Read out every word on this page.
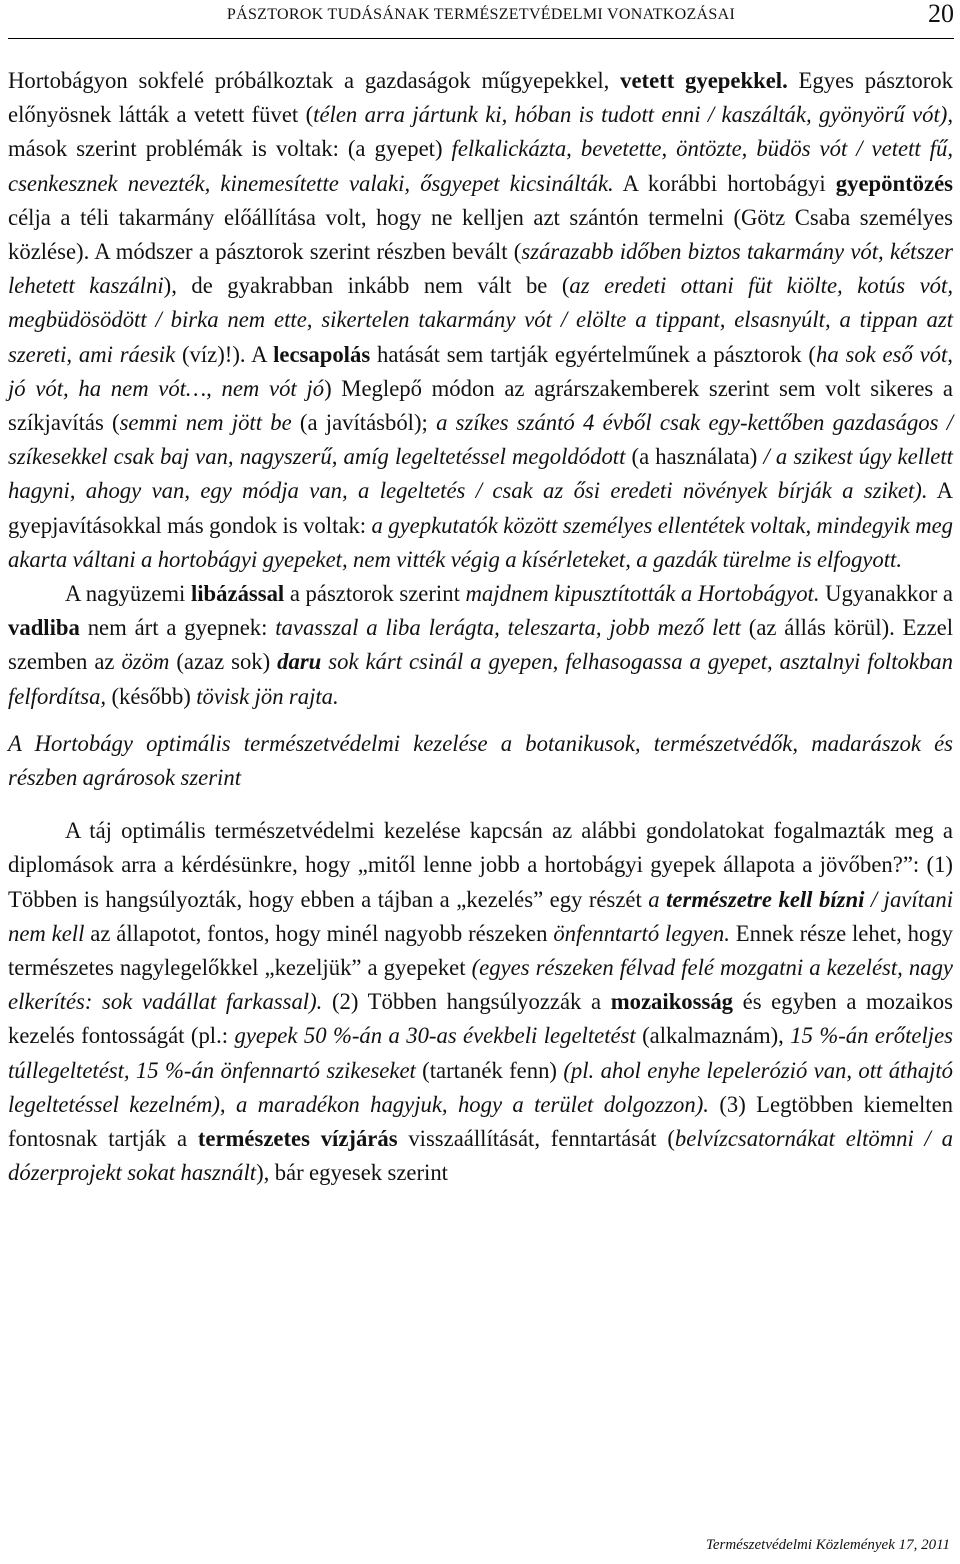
PÁSZTOROK TUDÁSÁNAK TERMÉSZETVÉDELMI VONATKOZÁSAI	20

Hortobágyon sokfelé próbálkoztak a gazdaságok műgyepekkel, vetett gyepekkel. Egyes pásztorok előnyösnek látták a vetett füvet (télen arra jártunk ki, hóban is tudott enni / kaszálták, gyönyörű vót), mások szerint problémák is voltak: (a gyepet) felkalickázta, bevetette, öntözte, büdös vót / vetett fű, csenkesznek nevezték, kinemesítette valaki, ősgyepet kicsinálták. A korábbi hortobágyi gyepöntözés célja a téli takarmány előállítása volt, hogy ne kelljen azt szántón termelni (Götz Csaba személyes közlése). A módszer a pásztorok szerint részben bevált (szárazabb időben biztos takarmány vót, kétszer lehetett kaszálni), de gyakrabban inkább nem vált be (az eredeti ottani füt kiölte, kotús vót, megbüdösödött / birka nem ette, sikertelen takarmány vót / elölte a tippant, elsasnyúlt, a tippan azt szereti, ami ráesik (víz)!). A lecsapolás hatását sem tartják egyértelműnek a pásztorok (ha sok eső vót, jó vót, ha nem vót…, nem vót jó) Meglepő módon az agrárszakemberek szerint sem volt sikeres a szíkjavítás (semmi nem jött be (a javításból); a szíkes szántó 4 évből csak egy-kettőben gazdaságos / szíkesekkel csak baj van, nagyszerű, amíg legeltetéssel megoldódott (a használata) / a szikest úgy kellett hagyni, ahogy van, egy módja van, a legeltetés / csak az ősi eredeti növények bírják a sziket). A gyepjavításokkal más gondok is voltak: a gyepkutatók között személyes ellentétek voltak, mindegyik meg akarta váltani a hortobágyi gyepeket, nem vitték végig a kísérleteket, a gazdák türelme is elfogyott.

A nagyüzemi libázással a pásztorok szerint majdnem kipusztították a Hortobágyot. Ugyanakkor a vadliba nem árt a gyepnek: tavasszal a liba lerágta, teleszarta, jobb mező lett (az állás körül). Ezzel szemben az özöm (azaz sok) daru sok kárt csinál a gyepen, felhasogassa a gyepet, asztalnyi foltokban felfordítsa, (később) tövisk jön rajta.

A Hortobágy optimális természetvédelmi kezelése a botanikusok, természetvédők, madarászok és részben agrárosok szerint

A táj optimális természetvédelmi kezelése kapcsán az alábbi gondolatokat fogalmazták meg a diplomások arra a kérdésünkre, hogy „mitől lenne jobb a hortobágyi gyepek állapota a jövőben?”: (1) Többen is hangsúlyozták, hogy ebben a tájban a „kezelés” egy részét a természetre kell bízni / javítani nem kell az állapotot, fontos, hogy minél nagyobb részeken önfenntartó legyen. Ennek része lehet, hogy természetes nagylegelőkkel „kezeljük” a gyepeket (egyes részeken félvad felé mozgatni a kezelést, nagy elkerítés: sok vadállat farkassal). (2) Többen hangsúlyozzák a mozaikosság és egyben a mozaikos kezelés fontosságát (pl.: gyepek 50 %-án a 30-as évekbeli legeltetést (alkalmaznám), 15 %-án erőteljes túllegeltetést, 15 %-án önfennartó szikeseket (tartanék fenn) (pl. ahol enyhe lepelerózió van, ott áthajtó legeltetéssel kezelném), a maradékon hagyjuk, hogy a terület dolgozzon). (3) Legtöbben kiemelten fontosnak tartják a természetes vízjárás visszaállítását, fenntartását (belvízcsatornákat eltömni / a dózerprojekt sokat használt), bár egyesek szerint

Természetvédelmi Közlemények 17, 2011
